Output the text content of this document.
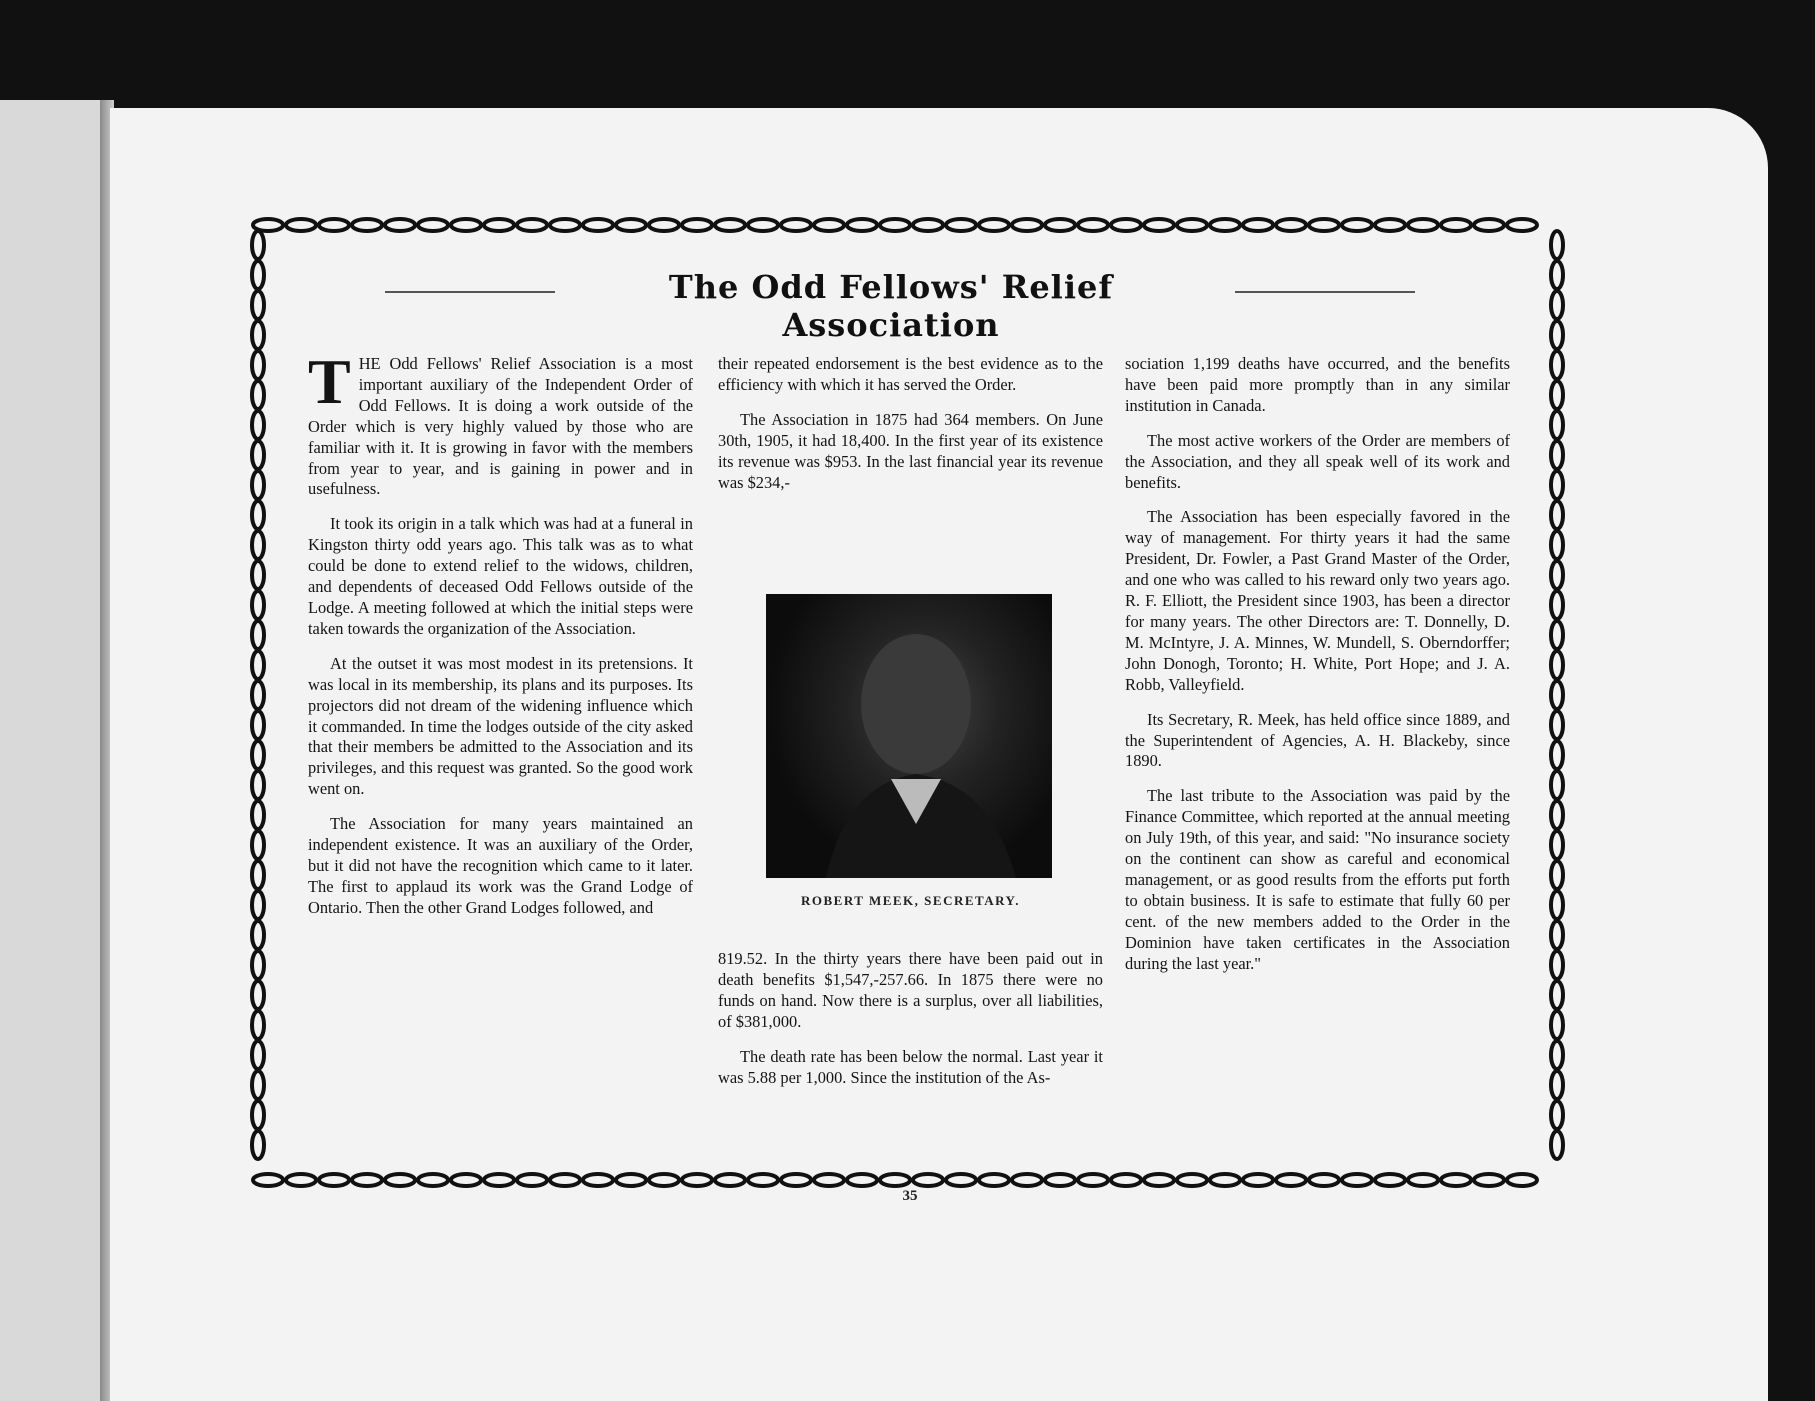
The Odd Fellows' Relief Association

THE Odd Fellows' Relief Association is a most important auxiliary of the Independent Order of Odd Fellows. It is doing a work outside of the Order which is very highly valued by those who are familiar with it. It is growing in favor with the members from year to year, and is gaining in power and in usefulness.

It took its origin in a talk which was had at a funeral in Kingston thirty odd years ago. This talk was as to what could be done to extend relief to the widows, children, and dependents of deceased Odd Fellows outside of the Lodge. A meeting followed at which the initial steps were taken towards the organization of the Association.

At the outset it was most modest in its pretensions. It was local in its membership, its plans and its purposes. Its projectors did not dream of the widening influence which it commanded. In time the lodges outside of the city asked that their members be admitted to the Association and its privileges, and this request was granted. So the good work went on.

The Association for many years maintained an independent existence. It was an auxiliary of the Order, but it did not have the recognition which came to it later. The first to applaud its work was the Grand Lodge of Ontario. Then the other Grand Lodges followed, and

their repeated endorsement is the best evidence as to the efficiency with which it has served the Order.

The Association in 1875 had 364 members. On June 30th, 1905, it had 18,400. In the first year of its existence its revenue was $953. In the last financial year its revenue was $234,-

ROBERT MEEK, SECRETARY.

819.52. In the thirty years there have been paid out in death benefits $1,547,-257.66. In 1875 there were no funds on hand. Now there is a surplus, over all liabilities, of $381,000.

The death rate has been below the normal. Last year it was 5.88 per 1,000. Since the institution of the As-

sociation 1,199 deaths have occurred, and the benefits have been paid more promptly than in any similar institution in Canada.

The most active workers of the Order are members of the Association, and they all speak well of its work and benefits.

The Association has been especially favored in the way of management. For thirty years it had the same President, Dr. Fowler, a Past Grand Master of the Order, and one who was called to his reward only two years ago. R. F. Elliott, the President since 1903, has been a director for many years. The other Directors are: T. Donnelly, D. M. McIntyre, J. A. Minnes, W. Mundell, S. Oberndorffer; John Donogh, Toronto; H. White, Port Hope; and J. A. Robb, Valleyfield.

Its Secretary, R. Meek, has held office since 1889, and the Superintendent of Agencies, A. H. Blackeby, since 1890.

The last tribute to the Association was paid by the Finance Committee, which reported at the annual meeting on July 19th, of this year, and said: "No insurance society on the continent can show as careful and economical management, or as good results from the efforts put forth to obtain business. It is safe to estimate that fully 60 per cent. of the new members added to the Order in the Dominion have taken certificates in the Association during the last year."

35
